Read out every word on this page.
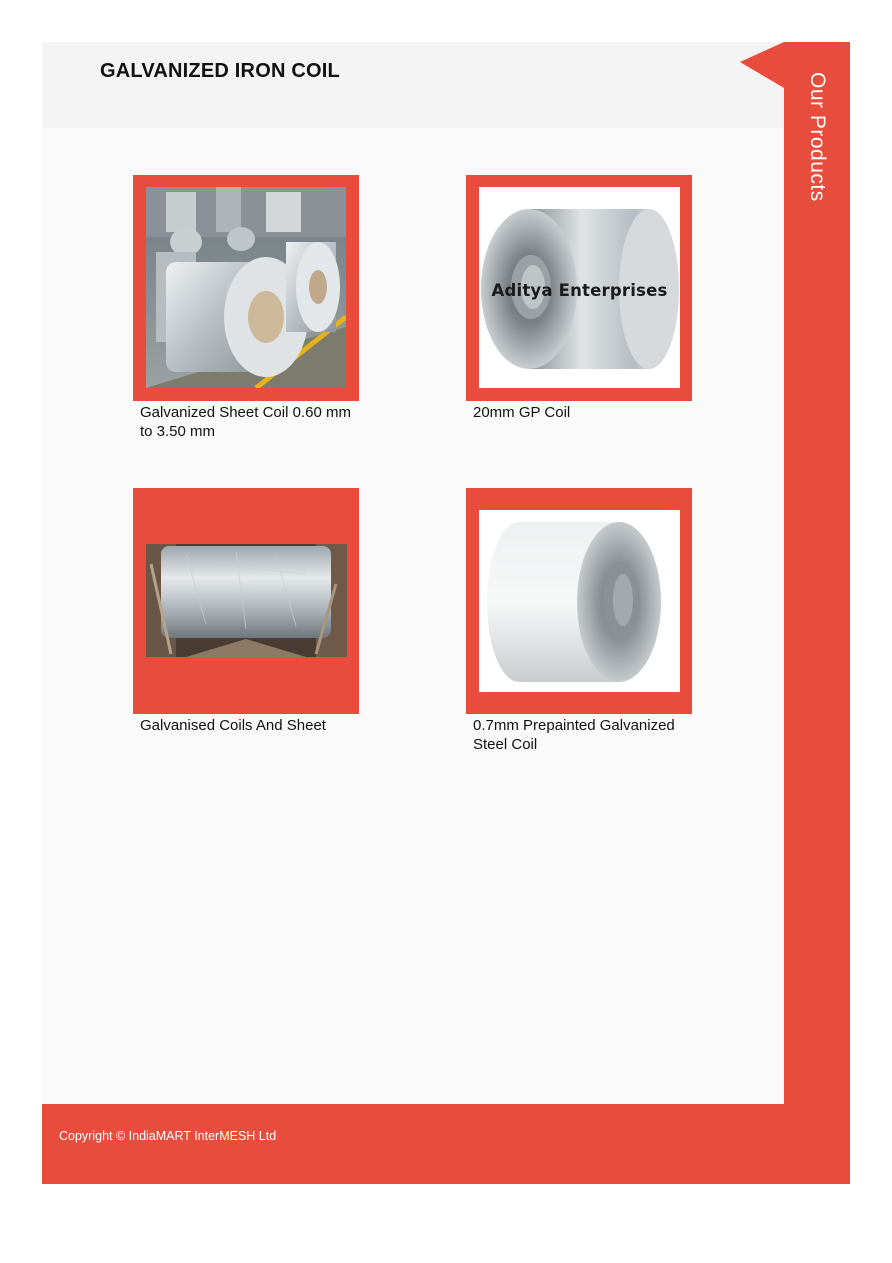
GALVANIZED IRON COIL
Our Products
Galvanized Sheet Coil 0.60 mm to 3.50 mm
Aditya Enterprises
20mm GP Coil
Galvanised Coils And Sheet	0.7mm Prepainted Galvanized Steel Coil
Copyright © IndiaMART InterMESH Ltd
